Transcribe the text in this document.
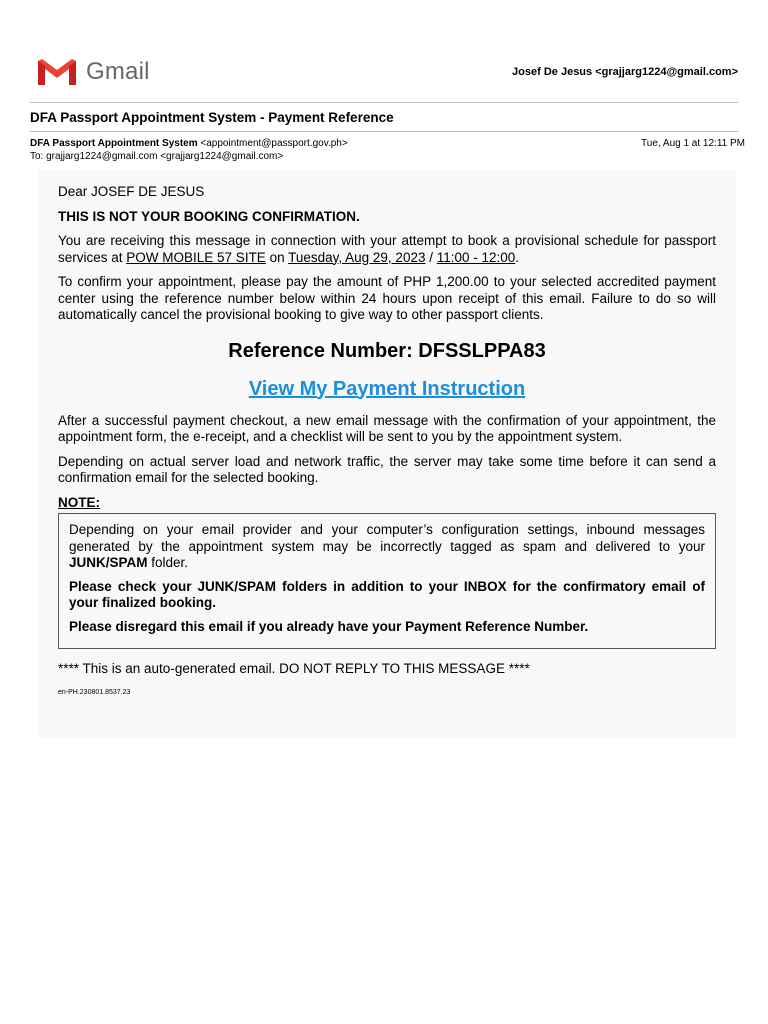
Gmail	Josef De Jesus <grajjarg1224@gmail.com>
DFA Passport Appointment System - Payment Reference
DFA Passport Appointment System <appointment@passport.gov.ph>
To: grajjarg1224@gmail.com <grajjarg1224@gmail.com>
Tue, Aug 1 at 12:11 PM

Dear JOSEF DE JESUS

THIS IS NOT YOUR BOOKING CONFIRMATION.

You are receiving this message in connection with your attempt to book a provisional schedule for passport services at POW MOBILE 57 SITE on Tuesday, Aug 29, 2023 / 11:00 - 12:00.

To confirm your appointment, please pay the amount of PHP 1,200.00 to your selected accredited payment center using the reference number below within 24 hours upon receipt of this email. Failure to do so will automatically cancel the provisional booking to give way to other passport clients.

Reference Number: DFSSLPPA83

View My Payment Instruction

After a successful payment checkout, a new email message with the confirmation of your appointment, the appointment form, the e-receipt, and a checklist will be sent to you by the appointment system.

Depending on actual server load and network traffic, the server may take some time before it can send a confirmation email for the selected booking.

NOTE:

Depending on your email provider and your computer’s configuration settings, inbound messages generated by the appointment system may be incorrectly tagged as spam and delivered to your JUNK/SPAM folder.

Please check your JUNK/SPAM folders in addition to your INBOX for the confirmatory email of your finalized booking.

Please disregard this email if you already have your Payment Reference Number.

**** This is an auto-generated email. DO NOT REPLY TO THIS MESSAGE ****

en-PH.230801.8537.23
